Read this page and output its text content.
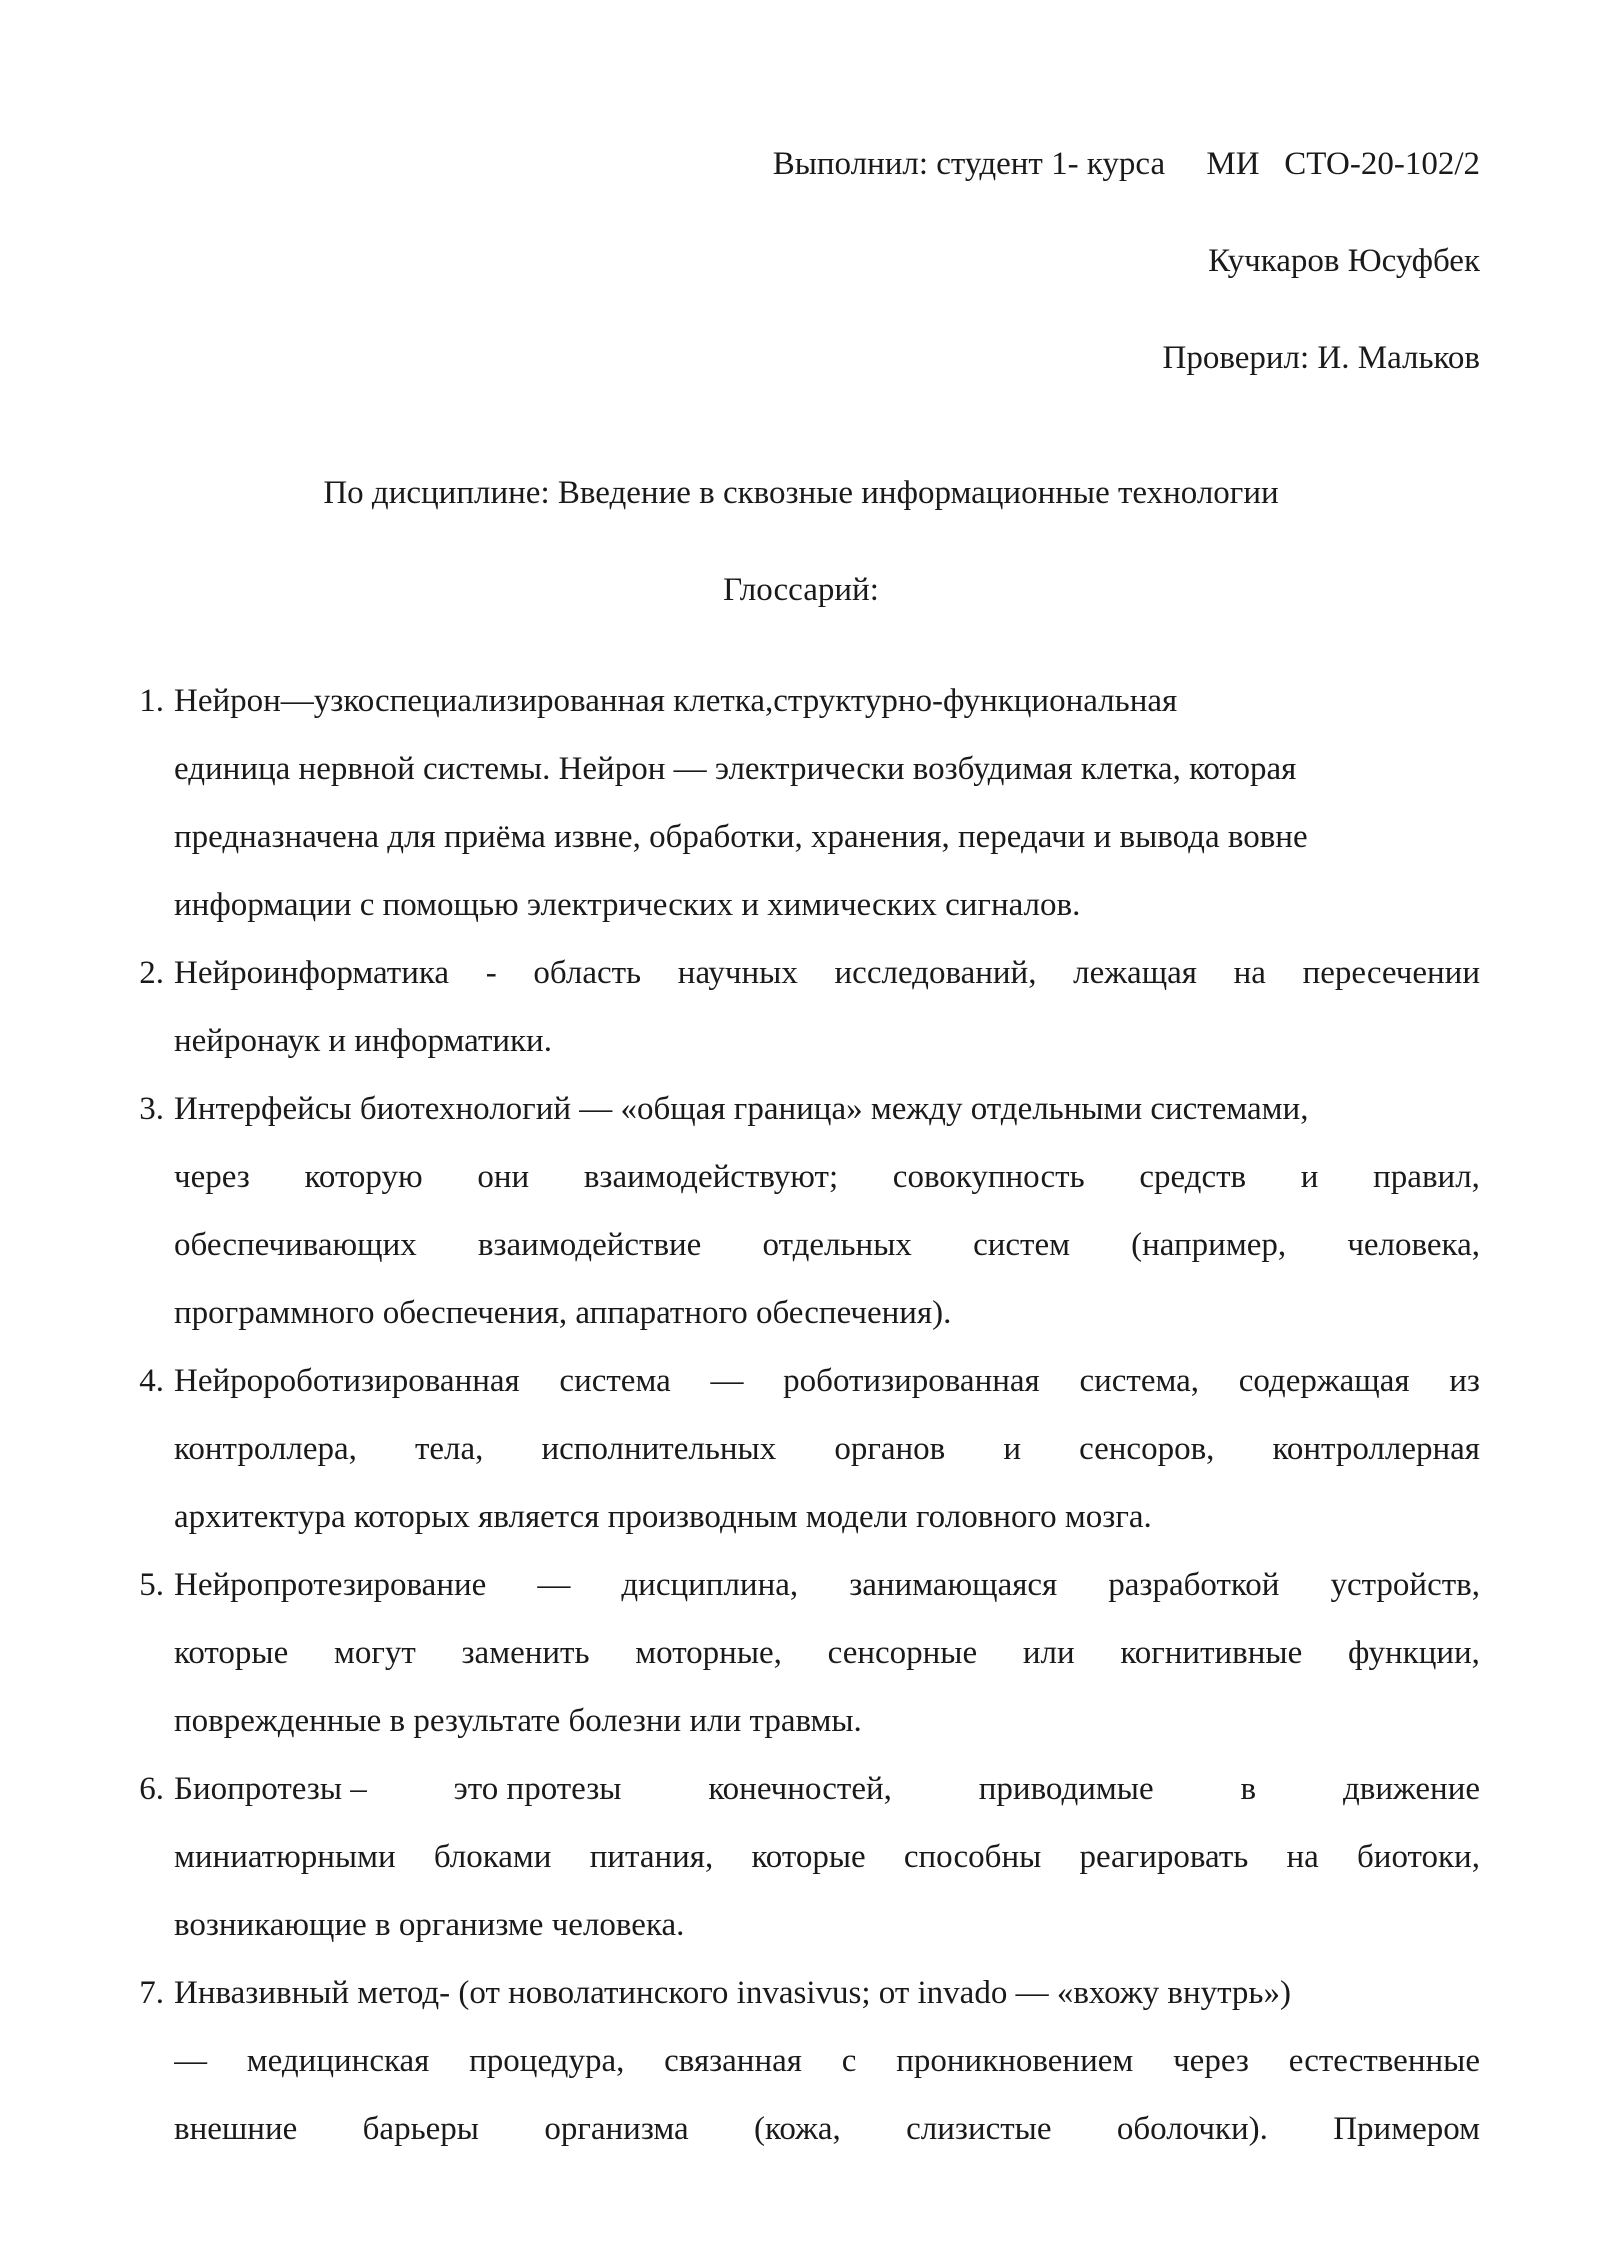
Выполнил: студент 1- курса     МИ   СТО-20-102/2
Кучкаров Юсуфбек
Проверил: И. Мальков
По дисциплине: Введение в сквозные информационные технологии
Глоссарий:
1. Нейрон—узкоспециализированная клетка,структурно-функциональная
единица нервной системы. Нейрон — электрически возбудимая клетка, которая
предназначена для приёма извне, обработки, хранения, передачи и вывода вовне
информации с помощью электрических и химических сигналов.
2. Нейроинформатика - область научных исследований, лежащая на пересечении
нейронаук и информатики.
3. Интерфейсы биотехнологий — «общая граница» между отдельными системами,
через которую они взаимодействуют; совокупность средств и правил,
обеспечивающих взаимодействие отдельных систем (например, человека,
программного обеспечения, аппаратного обеспечения).
4. Нейророботизированная система — роботизированная система, содержащая из
контроллера, тела, исполнительных органов и сенсоров, контроллерная
архитектура которых является производным модели головного мозга.
5. Нейропротезирование — дисциплина, занимающаяся разработкой устройств,
которые могут заменить моторные, сенсорные или когнитивные функции,
поврежденные в результате болезни или травмы.
6. Биопротезы –	это протезы	конечностей,	приводимые	в	движение
миниатюрными блоками питания, которые способны реагировать на биотоки,
возникающие в организме человека.
7. Инвазивный метод- (от новолатинского invasivus; от invado — «вхожу внутрь»)
— медицинская процедура, связанная с проникновением через естественные
внешние барьеры организма (кожа, слизистые оболочки). Примером
